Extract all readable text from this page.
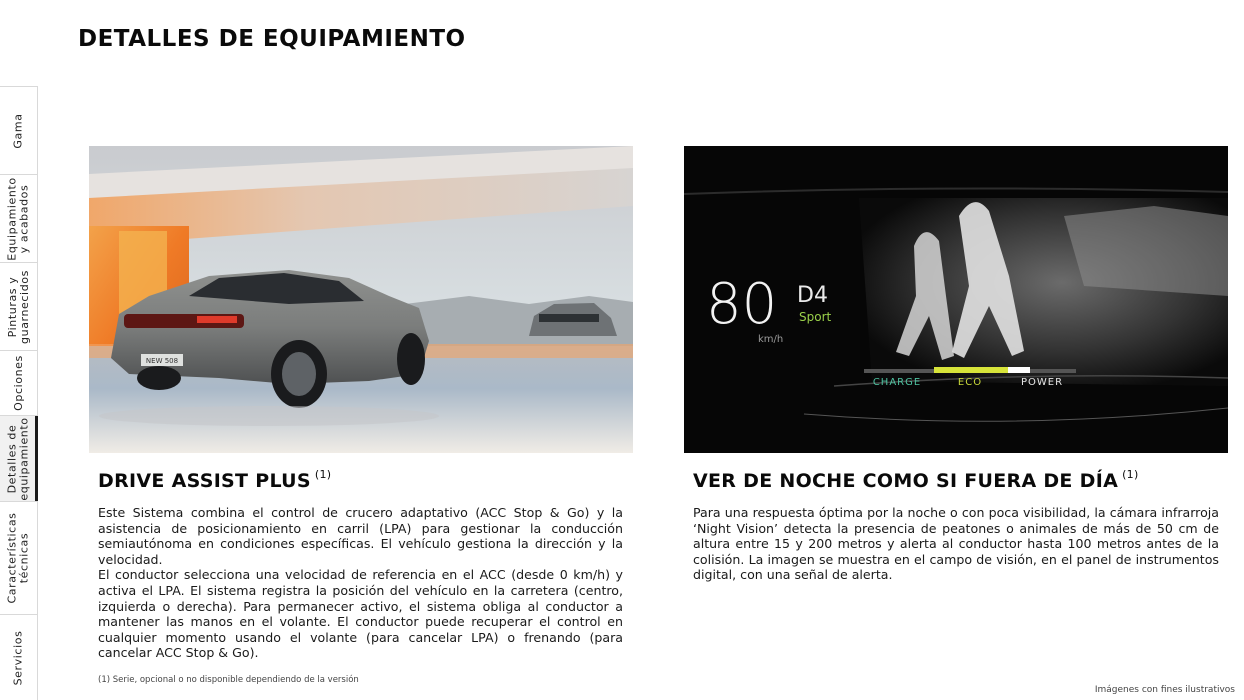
DETALLES DE EQUIPAMIENTO
Gama
Equipamiento
y acabados
Pinturas y
guarnecidos
Opciones
Detalles de
equipamiento
Características
técnicas
Servicios
NEW 508
80 D4
Sport
km/h
CHARGE	ECO	POWER
DRIVE ASSIST PLUS $^{(1)}$

Este Sistema combina el control de crucero adaptativo (ACC Stop & Go) y la asistencia de posicionamiento en carril (LPA) para gestionar la conducción semiautónoma en condiciones específicas. El vehículo gestiona la dirección y la velocidad.

El conductor selecciona una velocidad de referencia en el ACC (desde 0 km/h) y activa el LPA. El sistema registra la posición del vehículo en la carretera (centro, izquierda o derecha). Para permanecer activo, el sistema obliga al conductor a mantener las manos en el volante. El conductor puede recuperar el control en cualquier momento usando el volante (para cancelar LPA) o frenando (para cancelar ACC Stop & Go).

VER DE NOCHE COMO SI FUERA DE DÍA $^{(1)}$

Para una respuesta óptima por la noche o con poca visibilidad, la cámara infrarroja ‘Night Vision’ detecta la presencia de peatones o animales de más de 50 cm de altura entre 15 y 200 metros y alerta al conductor hasta 100 metros antes de la colisión. La imagen se muestra en el campo de visión, en el panel de instrumentos digital, con una señal de alerta.

(1) Serie, opcional o no disponible dependiendo de la versión
Imágenes con fines ilustrativos
